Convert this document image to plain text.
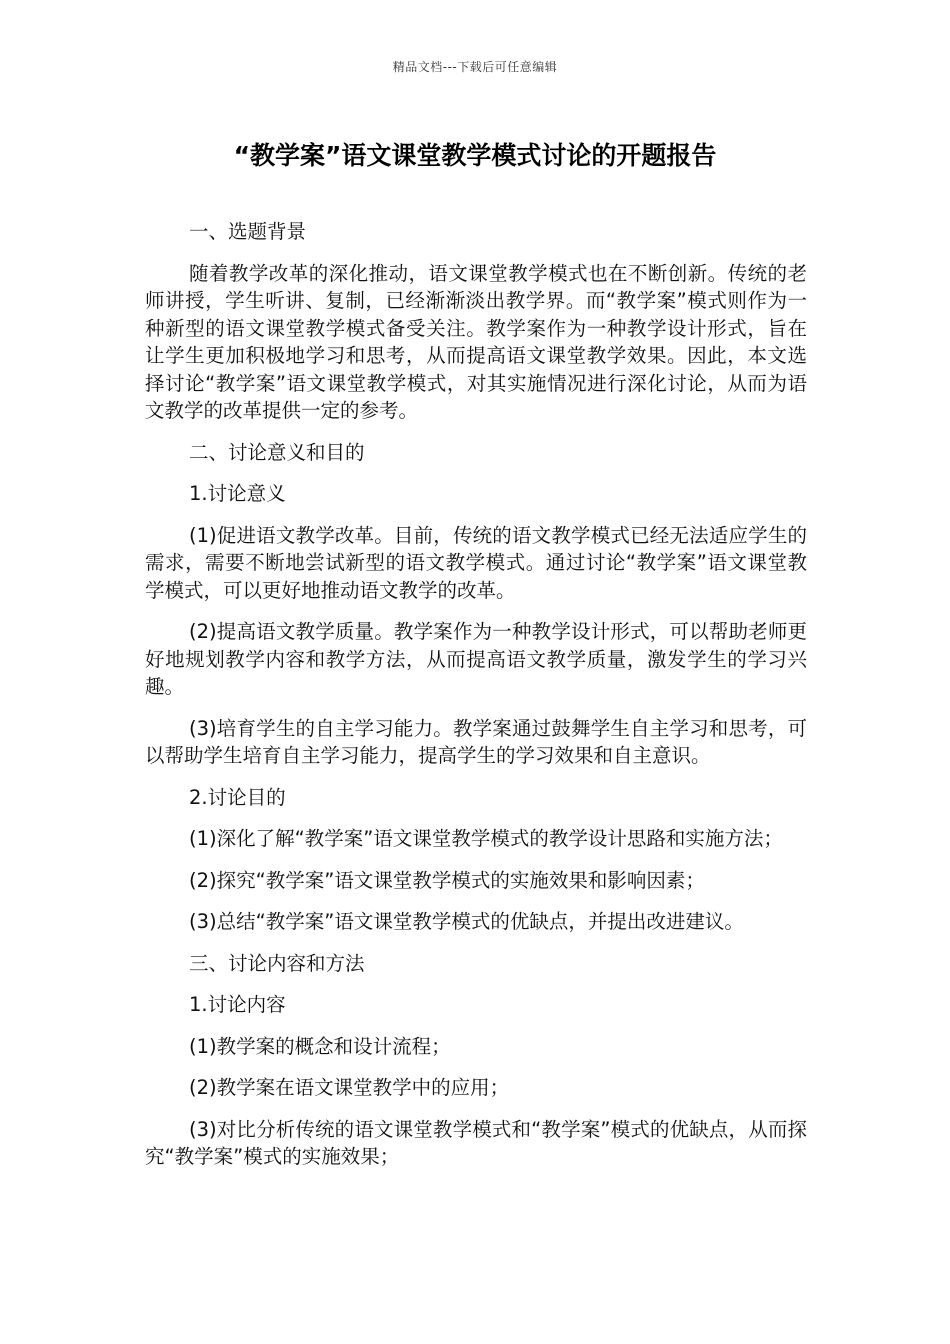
精品文档---下载后可任意编辑
“教学案”语文课堂教学模式讨论的开题报告

一、选题背景

随着教学改革的深化推动，语文课堂教学模式也在不断创新。传统的老师讲授，学生听讲、复制，已经渐渐淡出教学界。而“教学案”模式则作为一种新型的语文课堂教学模式备受关注。教学案作为一种教学设计形式，旨在让学生更加积极地学习和思考，从而提高语文课堂教学效果。因此，本文选择讨论“教学案”语文课堂教学模式，对其实施情况进行深化讨论，从而为语文教学的改革提供一定的参考。

二、讨论意义和目的

1.讨论意义

(1)促进语文教学改革。目前，传统的语文教学模式已经无法适应学生的需求，需要不断地尝试新型的语文教学模式。通过讨论“教学案”语文课堂教学模式，可以更好地推动语文教学的改革。

(2)提高语文教学质量。教学案作为一种教学设计形式，可以帮助老师更好地规划教学内容和教学方法，从而提高语文教学质量，激发学生的学习兴趣。

(3)培育学生的自主学习能力。教学案通过鼓舞学生自主学习和思考，可以帮助学生培育自主学习能力，提高学生的学习效果和自主意识。

2.讨论目的

(1)深化了解“教学案”语文课堂教学模式的教学设计思路和实施方法；

(2)探究“教学案”语文课堂教学模式的实施效果和影响因素；

(3)总结“教学案”语文课堂教学模式的优缺点，并提出改进建议。

三、讨论内容和方法

1.讨论内容

(1)教学案的概念和设计流程；

(2)教学案在语文课堂教学中的应用；

(3)对比分析传统的语文课堂教学模式和“教学案”模式的优缺点，从而探究“教学案”模式的实施效果；
